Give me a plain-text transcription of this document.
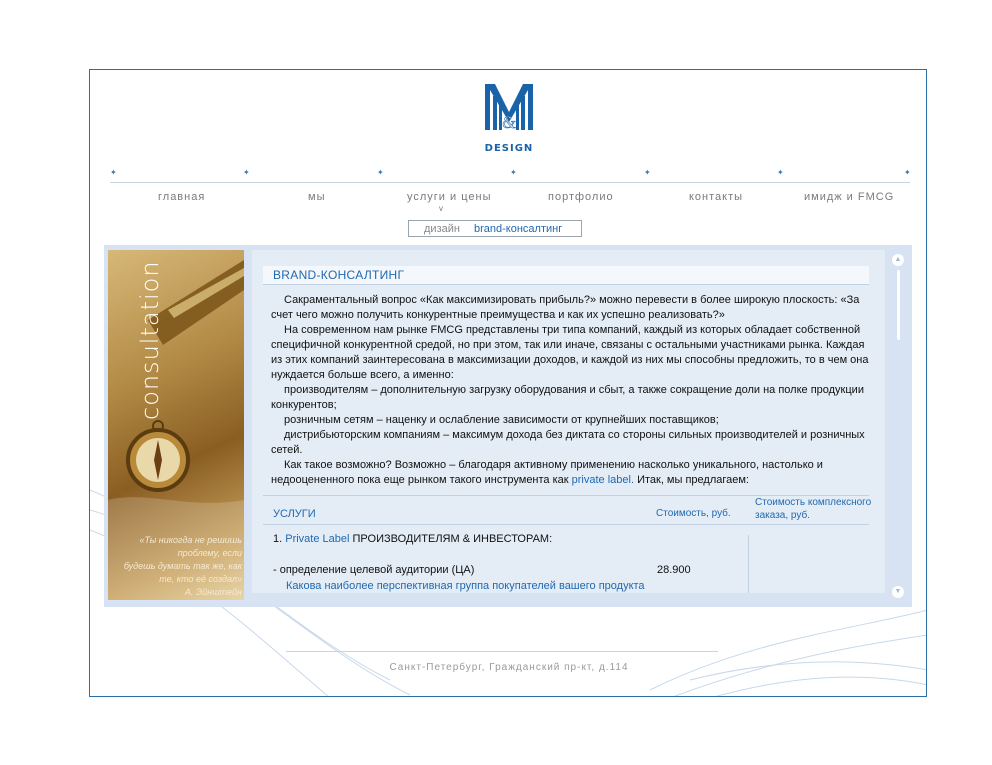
&
DESIGN
✦	✦	✦	✦	✦	✦	✦
главная	мы	услуги и цены
v
портфолио	контакты	имидж и FMCG
дизайн brand-консалтинг
consultation
«Ты никогда не решишь
проблему, если
будешь думать так же, как
те, кто её создал»
А. Эйнштейн
BRAND-КОНСАЛТИНГ

Сакраментальный вопрос «Как максимизировать прибыль?» можно перевести в более широкую плоскость: «За счет чего можно получить конкурентные преимущества и как их успешно реализовать?»

На современном нам рынке FMCG представлены три типа компаний, каждый из которых обладает собственной специфичной конкурентной средой, но при этом, так или иначе, связаны с остальными участниками рынка. Каждая из этих компаний заинтересована в максимизации доходов, и каждой из них мы способны предложить, то в чем она нуждается больше всего, а именно:

производителям – дополнительную загрузку оборудования и сбыт, а также сокращение доли на полке продукции конкурентов;

розничным сетям – наценку и ослабление зависимости от крупнейших поставщиков;

дистрибьюторским компаниям – максимум дохода без диктата со стороны сильных производителей и розничных сетей.

Как такое возможно? Возможно – благодаря активному применению насколько уникального, настолько и недооцененного пока еще рынком такого инструмента как private label. Итак, мы предлагаем:

УСЛУГИ	Стоимость, руб.
Стоимость комплексного
заказа, руб.
1. Private Label ПРОИЗВОДИТЕЛЯМ & ИНВЕСТОРАМ:
- определение целевой аудитории (ЦА)	28.900
Какова наиболее перспективная группа покупателей вашего продукта
▲
▼
Санкт-Петербург, Гражданский пр-кт, д.114
